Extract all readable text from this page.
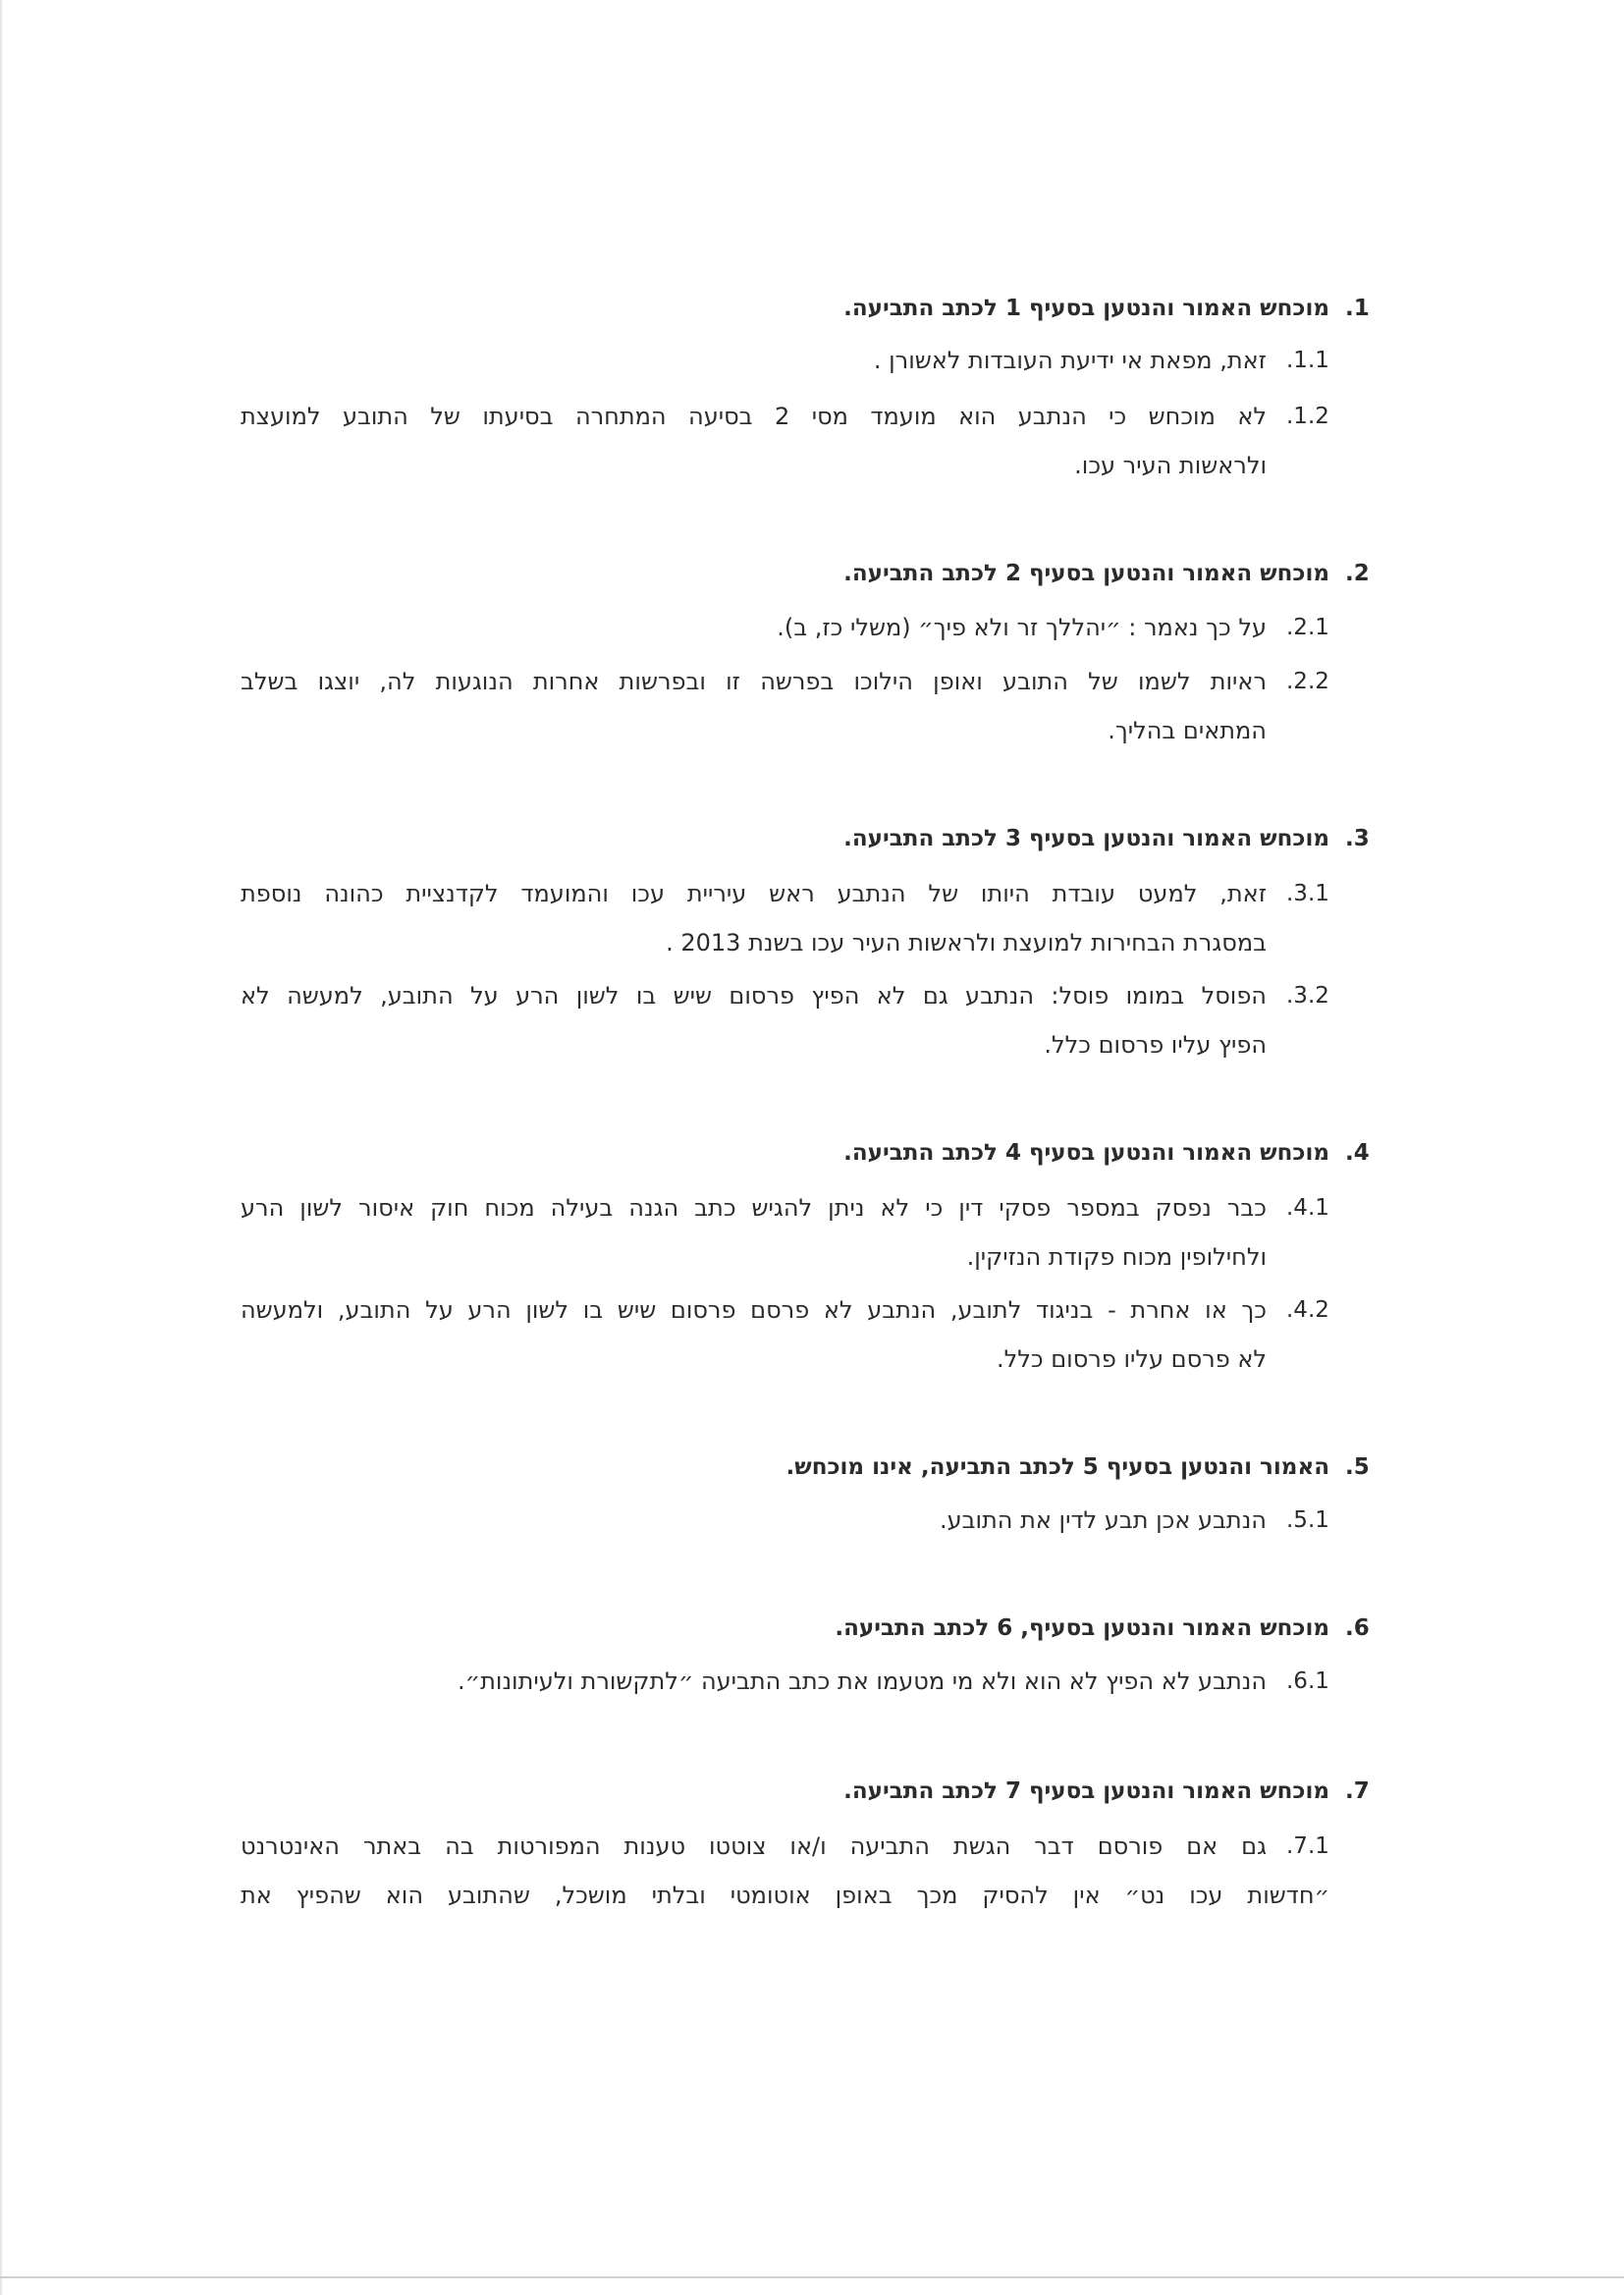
.1
מוכחש האמור והנטען בסעיף 1 לכתב התביעה.
.1.1
זאת, מפאת אי ידיעת העובדות לאשורן .
.1.2
לא מוכחש כי הנתבע הוא מועמד מסי 2 בסיעה המתחרה בסיעתו של התובע למועצת
ולראשות העיר עכו.
.2
מוכחש האמור והנטען בסעיף 2 לכתב התביעה.
.2.1
על כך נאמר : ״יהללך זר ולא פיך״ (משלי כז, ב).
.2.2
ראיות לשמו של התובע ואופן הילוכו בפרשה זו ובפרשות אחרות הנוגעות לה, יוצגו בשלב
המתאים בהליך.
.3
מוכחש האמור והנטען בסעיף 3 לכתב התביעה.
.3.1
זאת, למעט עובדת היותו של הנתבע ראש עיריית עכו והמועמד לקדנציית כהונה נוספת
במסגרת הבחירות למועצת ולראשות העיר עכו בשנת 2013 .
.3.2
הפוסל במומו פוסל: הנתבע גם לא הפיץ פרסום שיש בו לשון הרע על התובע, למעשה לא
הפיץ עליו פרסום כלל.
.4
מוכחש האמור והנטען בסעיף 4 לכתב התביעה.
.4.1
כבר נפסק במספר פסקי דין כי לא ניתן להגיש כתב הגנה בעילה מכוח חוק איסור לשון הרע
ולחילופין מכוח פקודת הנזיקין.
.4.2
כך או אחרת - בניגוד לתובע, הנתבע לא פרסם פרסום שיש בו לשון הרע על התובע, ולמעשה
לא פרסם עליו פרסום כלל.
.5
האמור והנטען בסעיף 5 לכתב התביעה, אינו מוכחש.
.5.1
הנתבע אכן תבע לדין את התובע.
.6
מוכחש האמור והנטען בסעיף, 6 לכתב התביעה.
.6.1
הנתבע לא הפיץ לא הוא ולא מי מטעמו את כתב התביעה ״לתקשורת ולעיתונות״.
.7
מוכחש האמור והנטען בסעיף 7 לכתב התביעה.
.7.1
גם אם פורסם דבר הגשת התביעה ו/או צוטטו טענות המפורטות בה באתר האינטרנט
״חדשות עכו נט״ אין להסיק מכך באופן אוטומטי ובלתי מושכל, שהתובע הוא שהפיץ את
